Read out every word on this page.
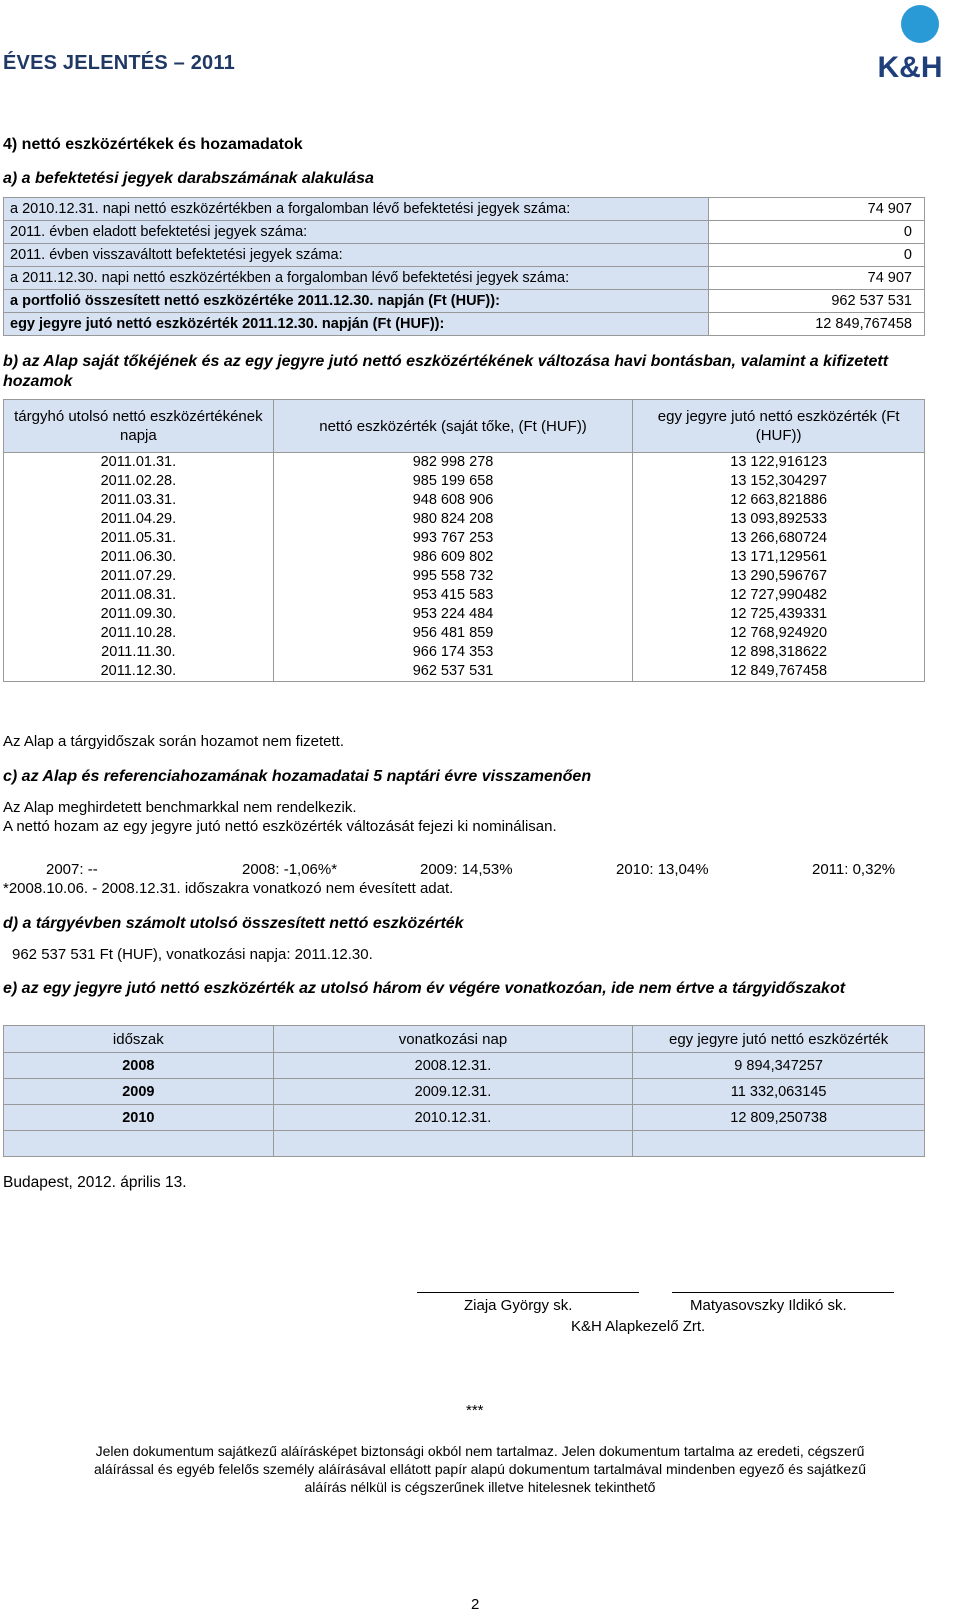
ÉVES JELENTÉS – 2011	K&H
4) nettó eszközértékek és hozamadatok
a) a befektetési jegyek darabszámának alakulása
a 2010.12.31. napi nettó eszközértékben a forgalomban lévő befektetési jegyek száma:	74 907
2011. évben eladott befektetési jegyek száma:	0
2011. évben visszaváltott befektetési jegyek száma:	0
a 2011.12.30. napi nettó eszközértékben a forgalomban lévő befektetési jegyek száma:	74 907
a portfolió összesített nettó eszközértéke 2011.12.30. napján (Ft (HUF)):	962 537 531
egy jegyre jutó nettó eszközérték 2011.12.30. napján (Ft (HUF)):	12 849,767458
b) az Alap saját tőkéjének és az egy jegyre jutó nettó eszközértékének változása havi bontásban, valamint a kifizetett hozamok
tárgyhó utolsó nettó eszközértékének napja	nettó eszközérték (saját tőke, (Ft (HUF))	egy jegyre jutó nettó eszközérték (Ft (HUF))
2011.01.31.	982 998 278	13 122,916123
2011.02.28.	985 199 658	13 152,304297
2011.03.31.	948 608 906	12 663,821886
2011.04.29.	980 824 208	13 093,892533
2011.05.31.	993 767 253	13 266,680724
2011.06.30.	986 609 802	13 171,129561
2011.07.29.	995 558 732	13 290,596767
2011.08.31.	953 415 583	12 727,990482
2011.09.30.	953 224 484	12 725,439331
2011.10.28.	956 481 859	12 768,924920
2011.11.30.	966 174 353	12 898,318622
2011.12.30.	962 537 531	12 849,767458
Az Alap a tárgyidőszak során hozamot nem fizetett.
c) az Alap és referenciahozamának hozamadatai 5 naptári évre visszamenően
Az Alap meghirdetett benchmarkkal nem rendelkezik.
A nettó hozam az egy jegyre jutó nettó eszközérték változását fejezi ki nominálisan.
2007: --	2008: -1,06%*	2009: 14,53%	2010: 13,04%	2011: 0,32%
*2008.10.06. - 2008.12.31. időszakra vonatkozó nem évesített adat.
d) a tárgyévben számolt utolsó összesített nettó eszközérték
962 537 531 Ft (HUF), vonatkozási napja: 2011.12.30.
e) az egy jegyre jutó nettó eszközérték az utolsó három év végére vonatkozóan, ide nem értve a tárgyidőszakot
időszak	vonatkozási nap	egy jegyre jutó nettó eszközérték
2008	2008.12.31.	9 894,347257
2009	2009.12.31.	11 332,063145
2010	2010.12.31.	12 809,250738

Budapest, 2012. április 13.
Ziaja György sk.	Matyasovszky Ildikó sk.
K&H Alapkezelő Zrt.
***
Jelen dokumentum sajátkezű aláírásképet biztonsági okból nem tartalmaz. Jelen dokumentum tartalma az eredeti, cégszerű
aláírással és egyéb felelős személy aláírásával ellátott papír alapú dokumentum tartalmával mindenben egyező és sajátkezű
aláírás nélkül is cégszerűnek illetve hitelesnek tekinthető
2
